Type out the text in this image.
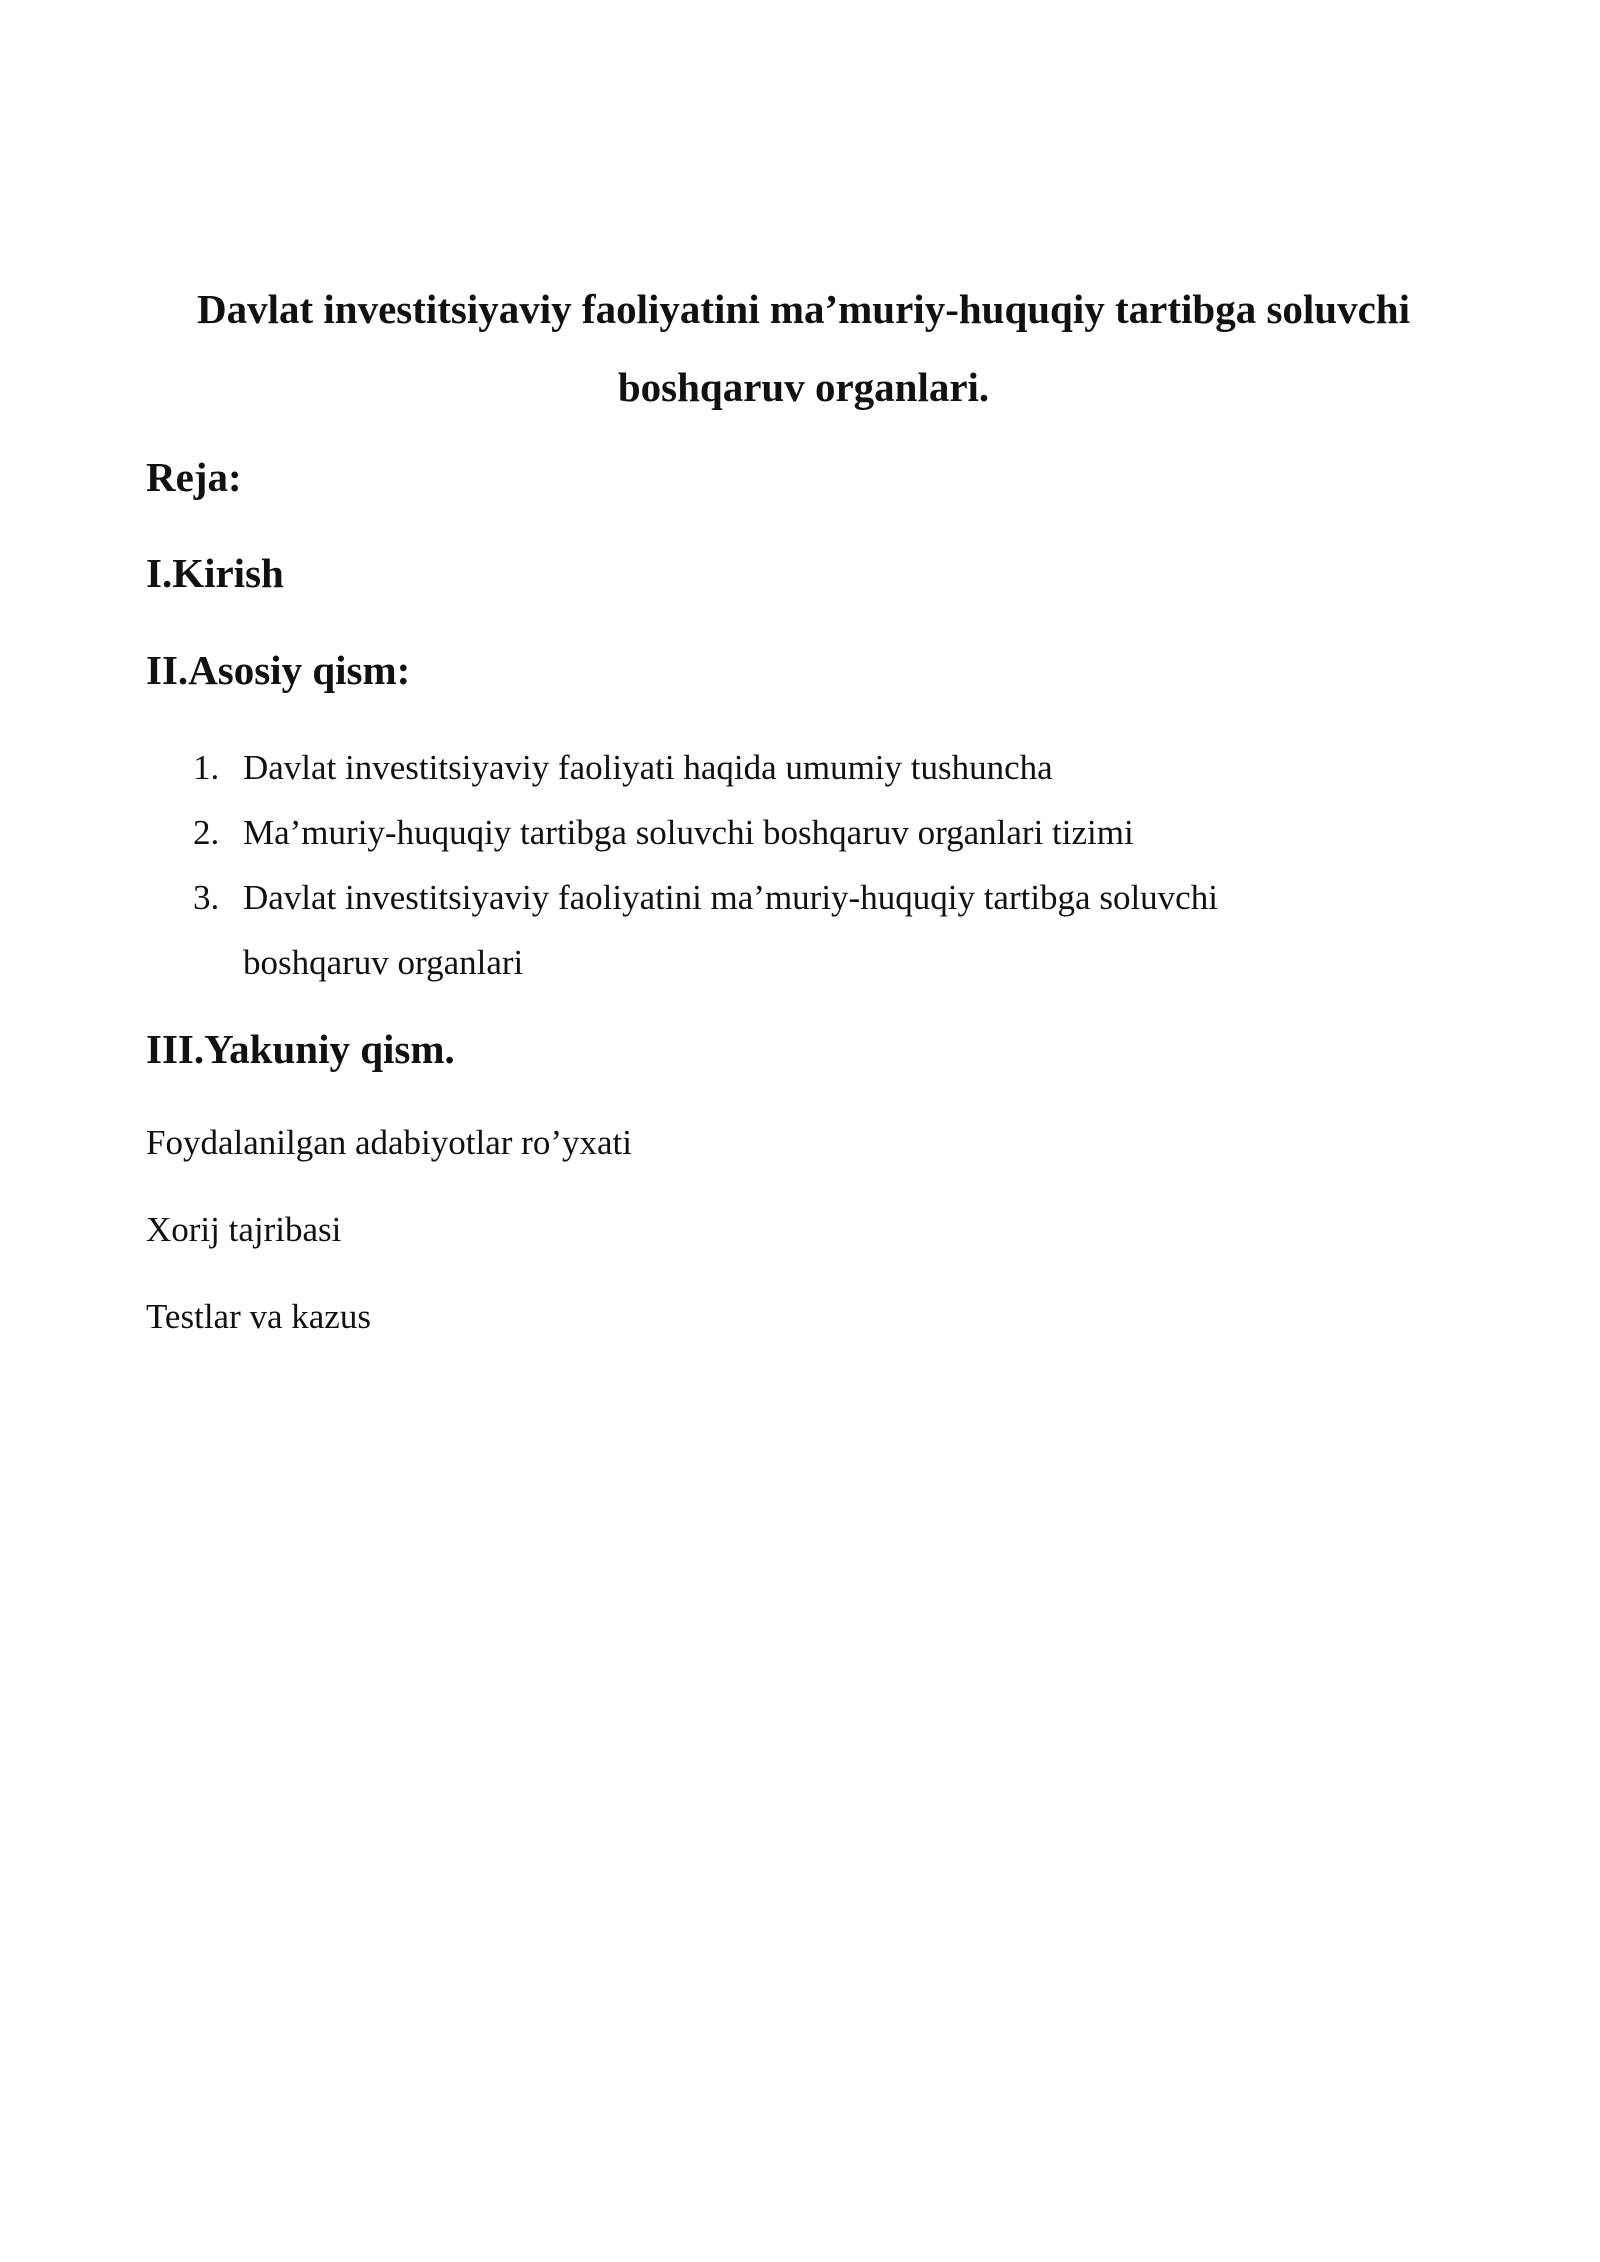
Davlat investitsiyaviy faoliyatini ma’muriy-huquqiy tartibga soluvchi boshqaruv organlari.
Reja:
I.Kirish
II.Asosiy qism:
1. Davlat investitsiyaviy faoliyati haqida umumiy tushuncha
2. Ma’muriy-huquqiy tartibga soluvchi boshqaruv organlari tizimi
3. Davlat investitsiyaviy faoliyatini ma’muriy-huquqiy tartibga soluvchi boshqaruv organlari
III.Yakuniy qism.

Foydalanilgan adabiyotlar ro’yxati

Xorij tajribasi

Testlar va kazus
